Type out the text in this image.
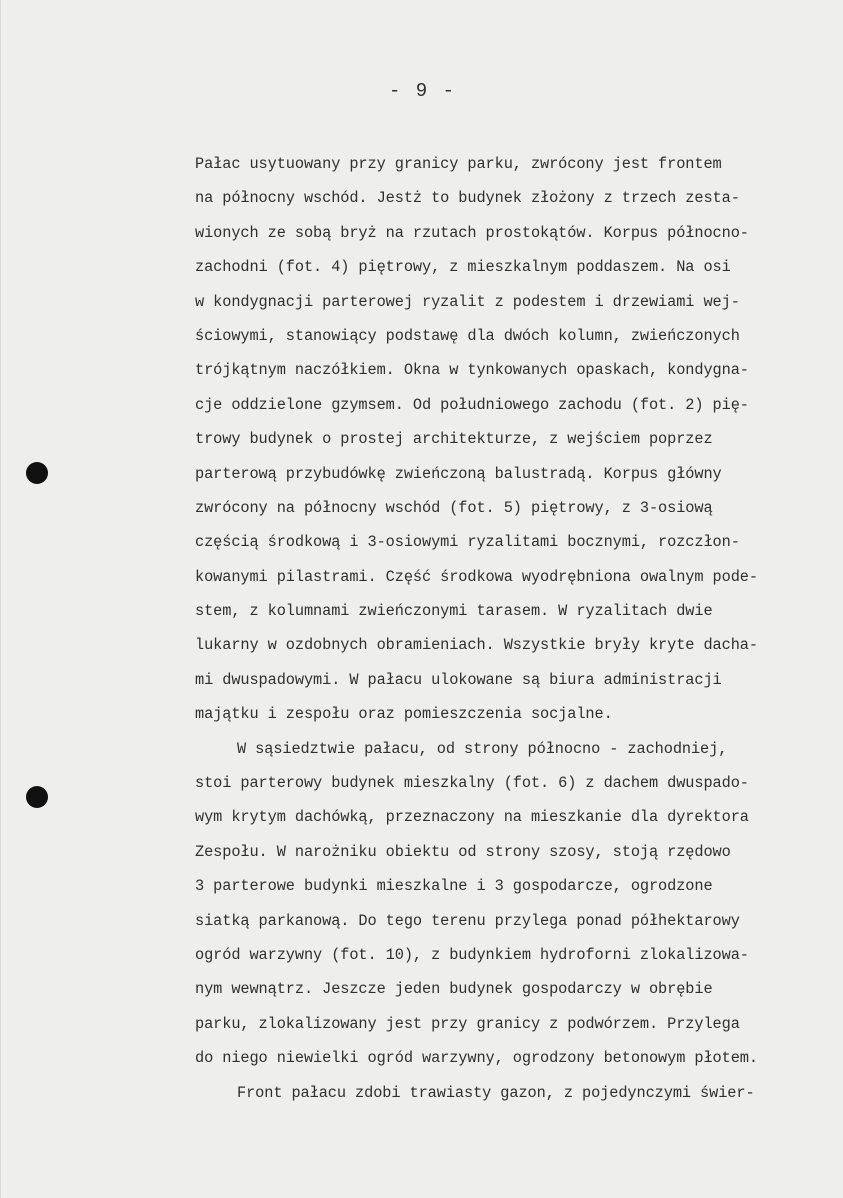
- 9 -
Pałac usytuowany przy granicy parku, zwrócony jest frontem
na północny wschód. Jestż to budynek złożony z trzech zesta-
wionych ze sobą bryż na rzutach prostokątów. Korpus północno-
zachodni (fot. 4) piętrowy, z mieszkalnym poddaszem. Na osi
w kondygnacji parterowej ryzalit z podestem i drzewiami wej-
ściowymi, stanowiący podstawę dla dwóch kolumn, zwieńczonych
trójkątnym naczółkiem. Okna w tynkowanych opaskach, kondygna-
cje oddzielone gzymsem. Od południowego zachodu (fot. 2) pię-
trowy budynek o prostej architekturze, z wejściem poprzez
parterową przybudówkę zwieńczoną balustradą. Korpus główny
zwrócony na północny wschód (fot. 5) piętrowy, z 3-osiową
częścią środkową i 3-osiowymi ryzalitami bocznymi, rozczłon-
kowanymi pilastrami. Część środkowa wyodrębniona owalnym pode-
stem, z kolumnami zwieńczonymi tarasem. W ryzalitach dwie
lukarny w ozdobnych obramieniach. Wszystkie bryły kryte dacha-
mi dwuspadowymi. W pałacu ulokowane są biura administracji
majątku i zespołu oraz pomieszczenia socjalne.
W sąsiedztwie pałacu, od strony północno - zachodniej,
stoi parterowy budynek mieszkalny (fot. 6) z dachem dwuspado-
wym krytym dachówką, przeznaczony na mieszkanie dla dyrektora
Zespołu. W narożniku obiektu od strony szosy, stoją rzędowo
3 parterowe budynki mieszkalne i 3 gospodarcze, ogrodzone
siatką parkanową. Do tego terenu przylega ponad półhektarowy
ogród warzywny (fot. 10), z budynkiem hydroforni zlokalizowa-
nym wewnątrz. Jeszcze jeden budynek gospodarczy w obrębie
parku, zlokalizowany jest przy granicy z podwórzem. Przylega
do niego niewielki ogród warzywny, ogrodzony betonowym płotem.
Front pałacu zdobi trawiasty gazon, z pojedynczymi świer-
